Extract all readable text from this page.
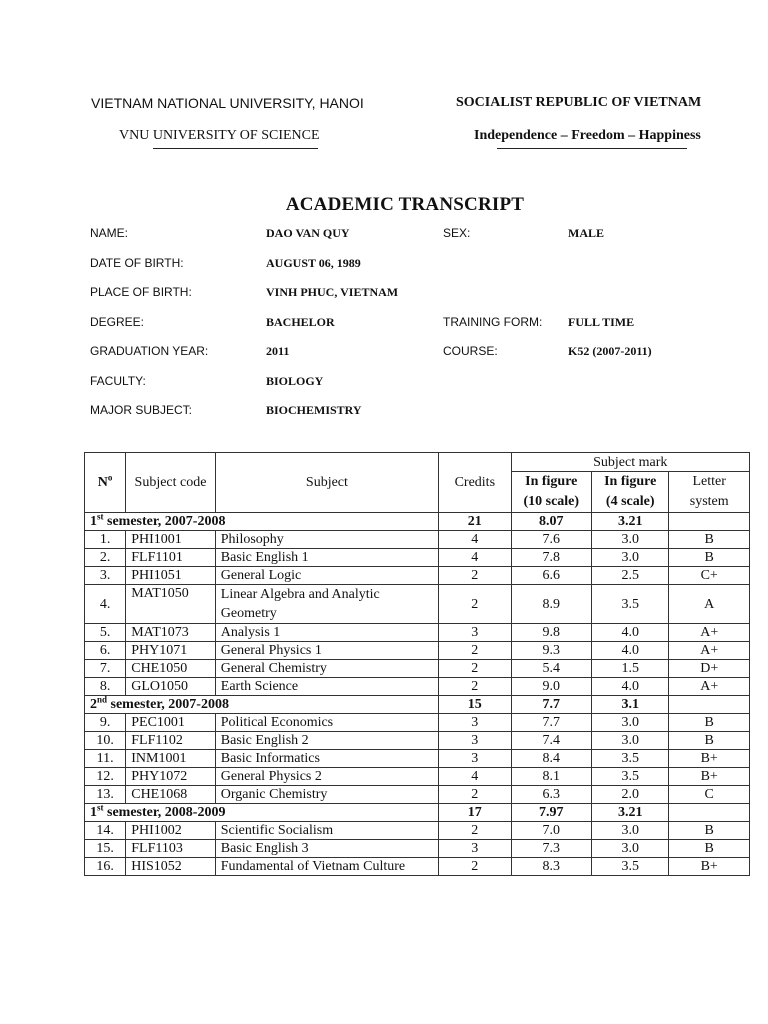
VIETNAM NATIONAL UNIVERSITY, HANOI
VNU UNIVERSITY OF SCIENCE
SOCIALIST REPUBLIC OF VIETNAM
Independence – Freedom – Happiness
ACADEMIC TRANSCRIPT
NAME:	DAO VAN QUY	SEX:	MALE
DATE OF BIRTH:	AUGUST 06, 1989
PLACE OF BIRTH:	VINH PHUC, VIETNAM
DEGREE:	BACHELOR	TRAINING FORM: FULL TIME
GRADUATION YEAR:	2011	COURSE:	K52 (2007-2011)
FACULTY:	BIOLOGY
MAJOR SUBJECT:	BIOCHEMISTRY
$N^o$	Subject code	Subject	Credits	Subject mark		
				In figure (10 scale)	In figure (4 scale)	Letter system
1st semester, 2007-2008			21	8.07	3.21	
1.	PHI1001	Philosophy	4	7.6	3.0	B
2.	FLF1101	Basic English 1	4	7.8	3.0	B
3.	PHI1051	General Logic	2	6.6	2.5	C+
4.	MAT1050	Linear Algebra and Analytic Geometry	2	8.9	3.5	A
5.	MAT1073	Analysis 1	3	9.8	4.0	A+
6.	PHY1071	General Physics 1	2	9.3	4.0	A+
7.	CHE1050	General Chemistry	2	5.4	1.5	D+
8.	GLO1050	Earth Science	2	9.0	4.0	A+
2nd semester, 2007-2008			15	7.7	3.1	
9.	PEC1001	Political Economics	3	7.7	3.0	B
10.	FLF1102	Basic English 2	3	7.4	3.0	B
11.	INM1001	Basic Informatics	3	8.4	3.5	B+
12.	PHY1072	General Physics 2	4	8.1	3.5	B+
13.	CHE1068	Organic Chemistry	2	6.3	2.0	C
1st semester, 2008-2009			17	7.97	3.21	
14.	PHI1002	Scientific Socialism	2	7.0	3.0	B
15.	FLF1103	Basic English 3	3	7.3	3.0	B
16.	HIS1052	Fundamental of Vietnam Culture	2	8.3	3.5	B+
